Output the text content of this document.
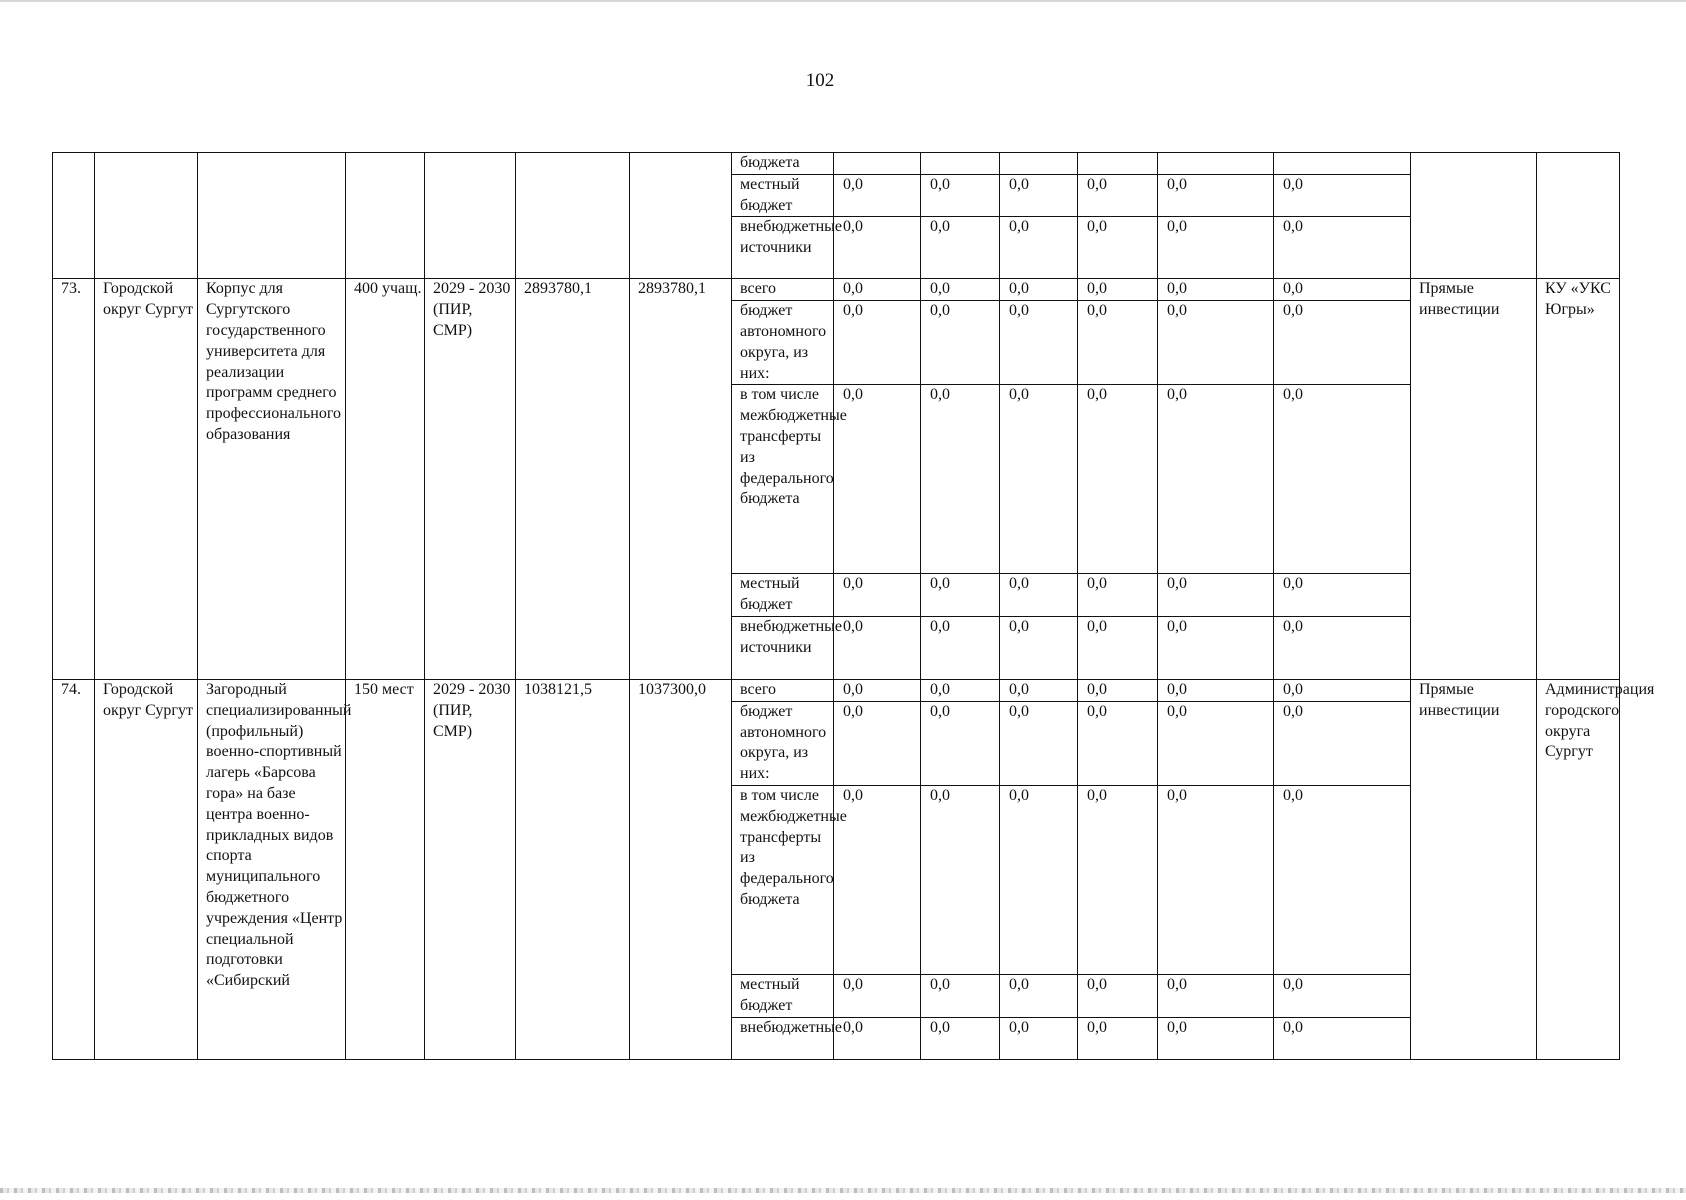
102
							бюджета								
							местный бюджет	0,0	0,0	0,0	0,0	0,0	0,0		
							внебюджетные источники	0,0	0,0	0,0	0,0	0,0	0,0		
73.	Городской округ Сургут	Корпус для Сургутского государственного университета для реализации программ среднего профессионального образования	400 учащ.	2029 - 2030 (ПИР, СМР)	2893780,1	2893780,1	всего	0,0	0,0	0,0	0,0	0,0	0,0	Прямые инвестиции	КУ «УКС Югры»
							бюджет автономного округа, из них:	0,0	0,0	0,0	0,0	0,0	0,0		
							в том числе межбюджетные трансферты из федерального бюджета	0,0	0,0	0,0	0,0	0,0	0,0		
							местный бюджет	0,0	0,0	0,0	0,0	0,0	0,0		
							внебюджетные источники	0,0	0,0	0,0	0,0	0,0	0,0		
74.	Городской округ Сургут	Загородный специализированный (профильный) военно-спортивный лагерь «Барсова гора» на базе центра военно-прикладных видов спорта муниципального бюджетного учреждения «Центр специальной подготовки «Сибирский	150 мест	2029 - 2030 (ПИР, СМР)	1038121,5	1037300,0	всего	0,0	0,0	0,0	0,0	0,0	0,0	Прямые инвестиции	Администрация городского округа Сургут
							бюджет автономного округа, из них:	0,0	0,0	0,0	0,0	0,0	0,0		
							в том числе межбюджетные трансферты из федерального бюджета	0,0	0,0	0,0	0,0	0,0	0,0		
							местный бюджет	0,0	0,0	0,0	0,0	0,0	0,0		
							внебюджетные	0,0	0,0	0,0	0,0	0,0	0,0		
